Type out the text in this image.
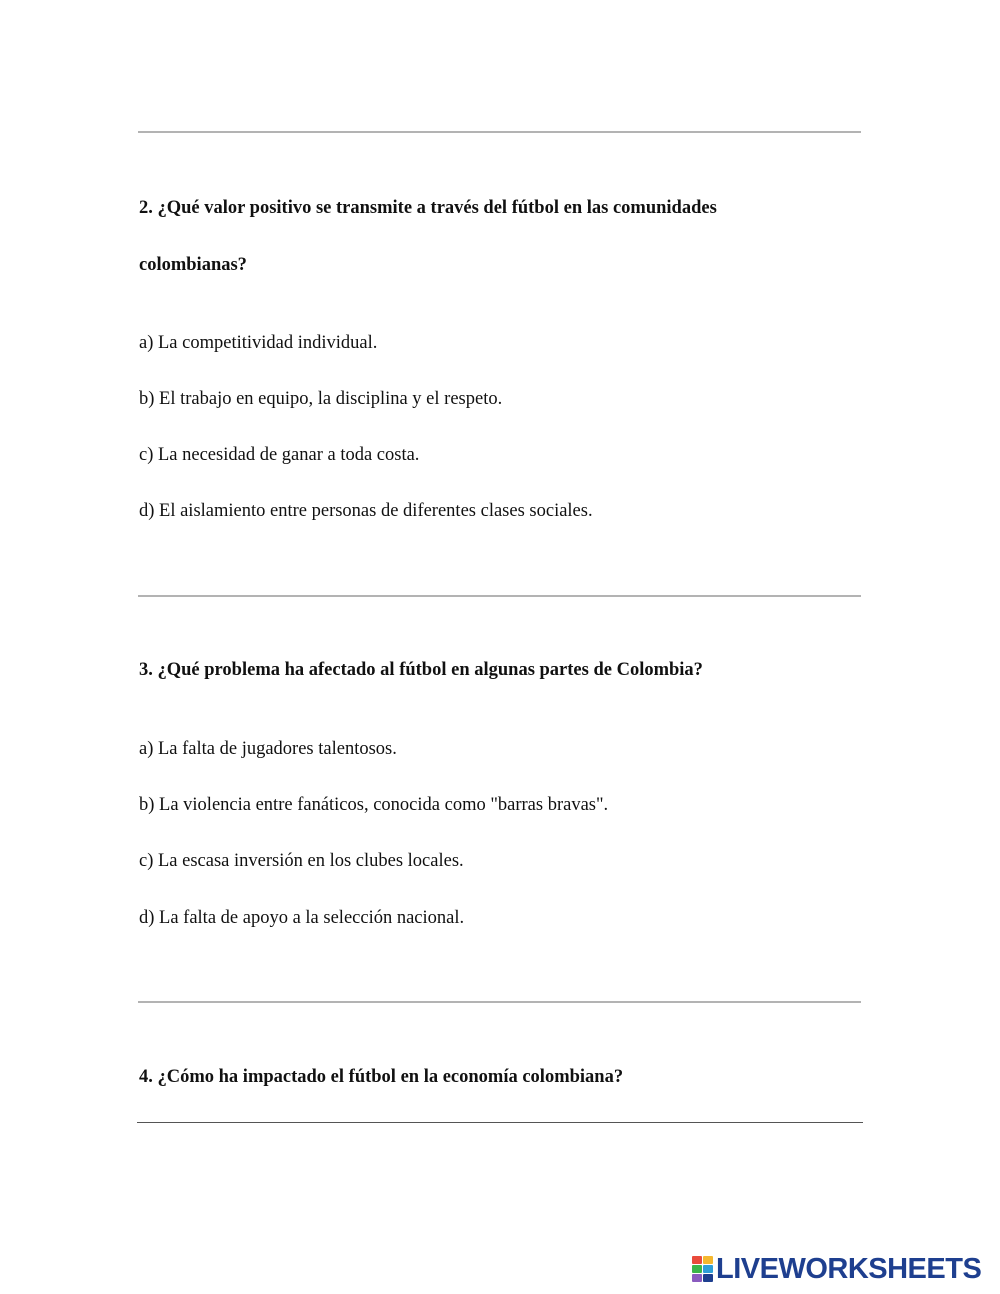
2. ¿Qué valor positivo se transmite a través del fútbol en las comunidades
colombianas?
a) La competitividad individual.
b) El trabajo en equipo, la disciplina y el respeto.
c) La necesidad de ganar a toda costa.
d) El aislamiento entre personas de diferentes clases sociales.
3. ¿Qué problema ha afectado al fútbol en algunas partes de Colombia?
a) La falta de jugadores talentosos.
b) La violencia entre fanáticos, conocida como "barras bravas".
c) La escasa inversión en los clubes locales.
d) La falta de apoyo a la selección nacional.
4. ¿Cómo ha impactado el fútbol en la economía colombiana?
LIVEWORKSHEETS
